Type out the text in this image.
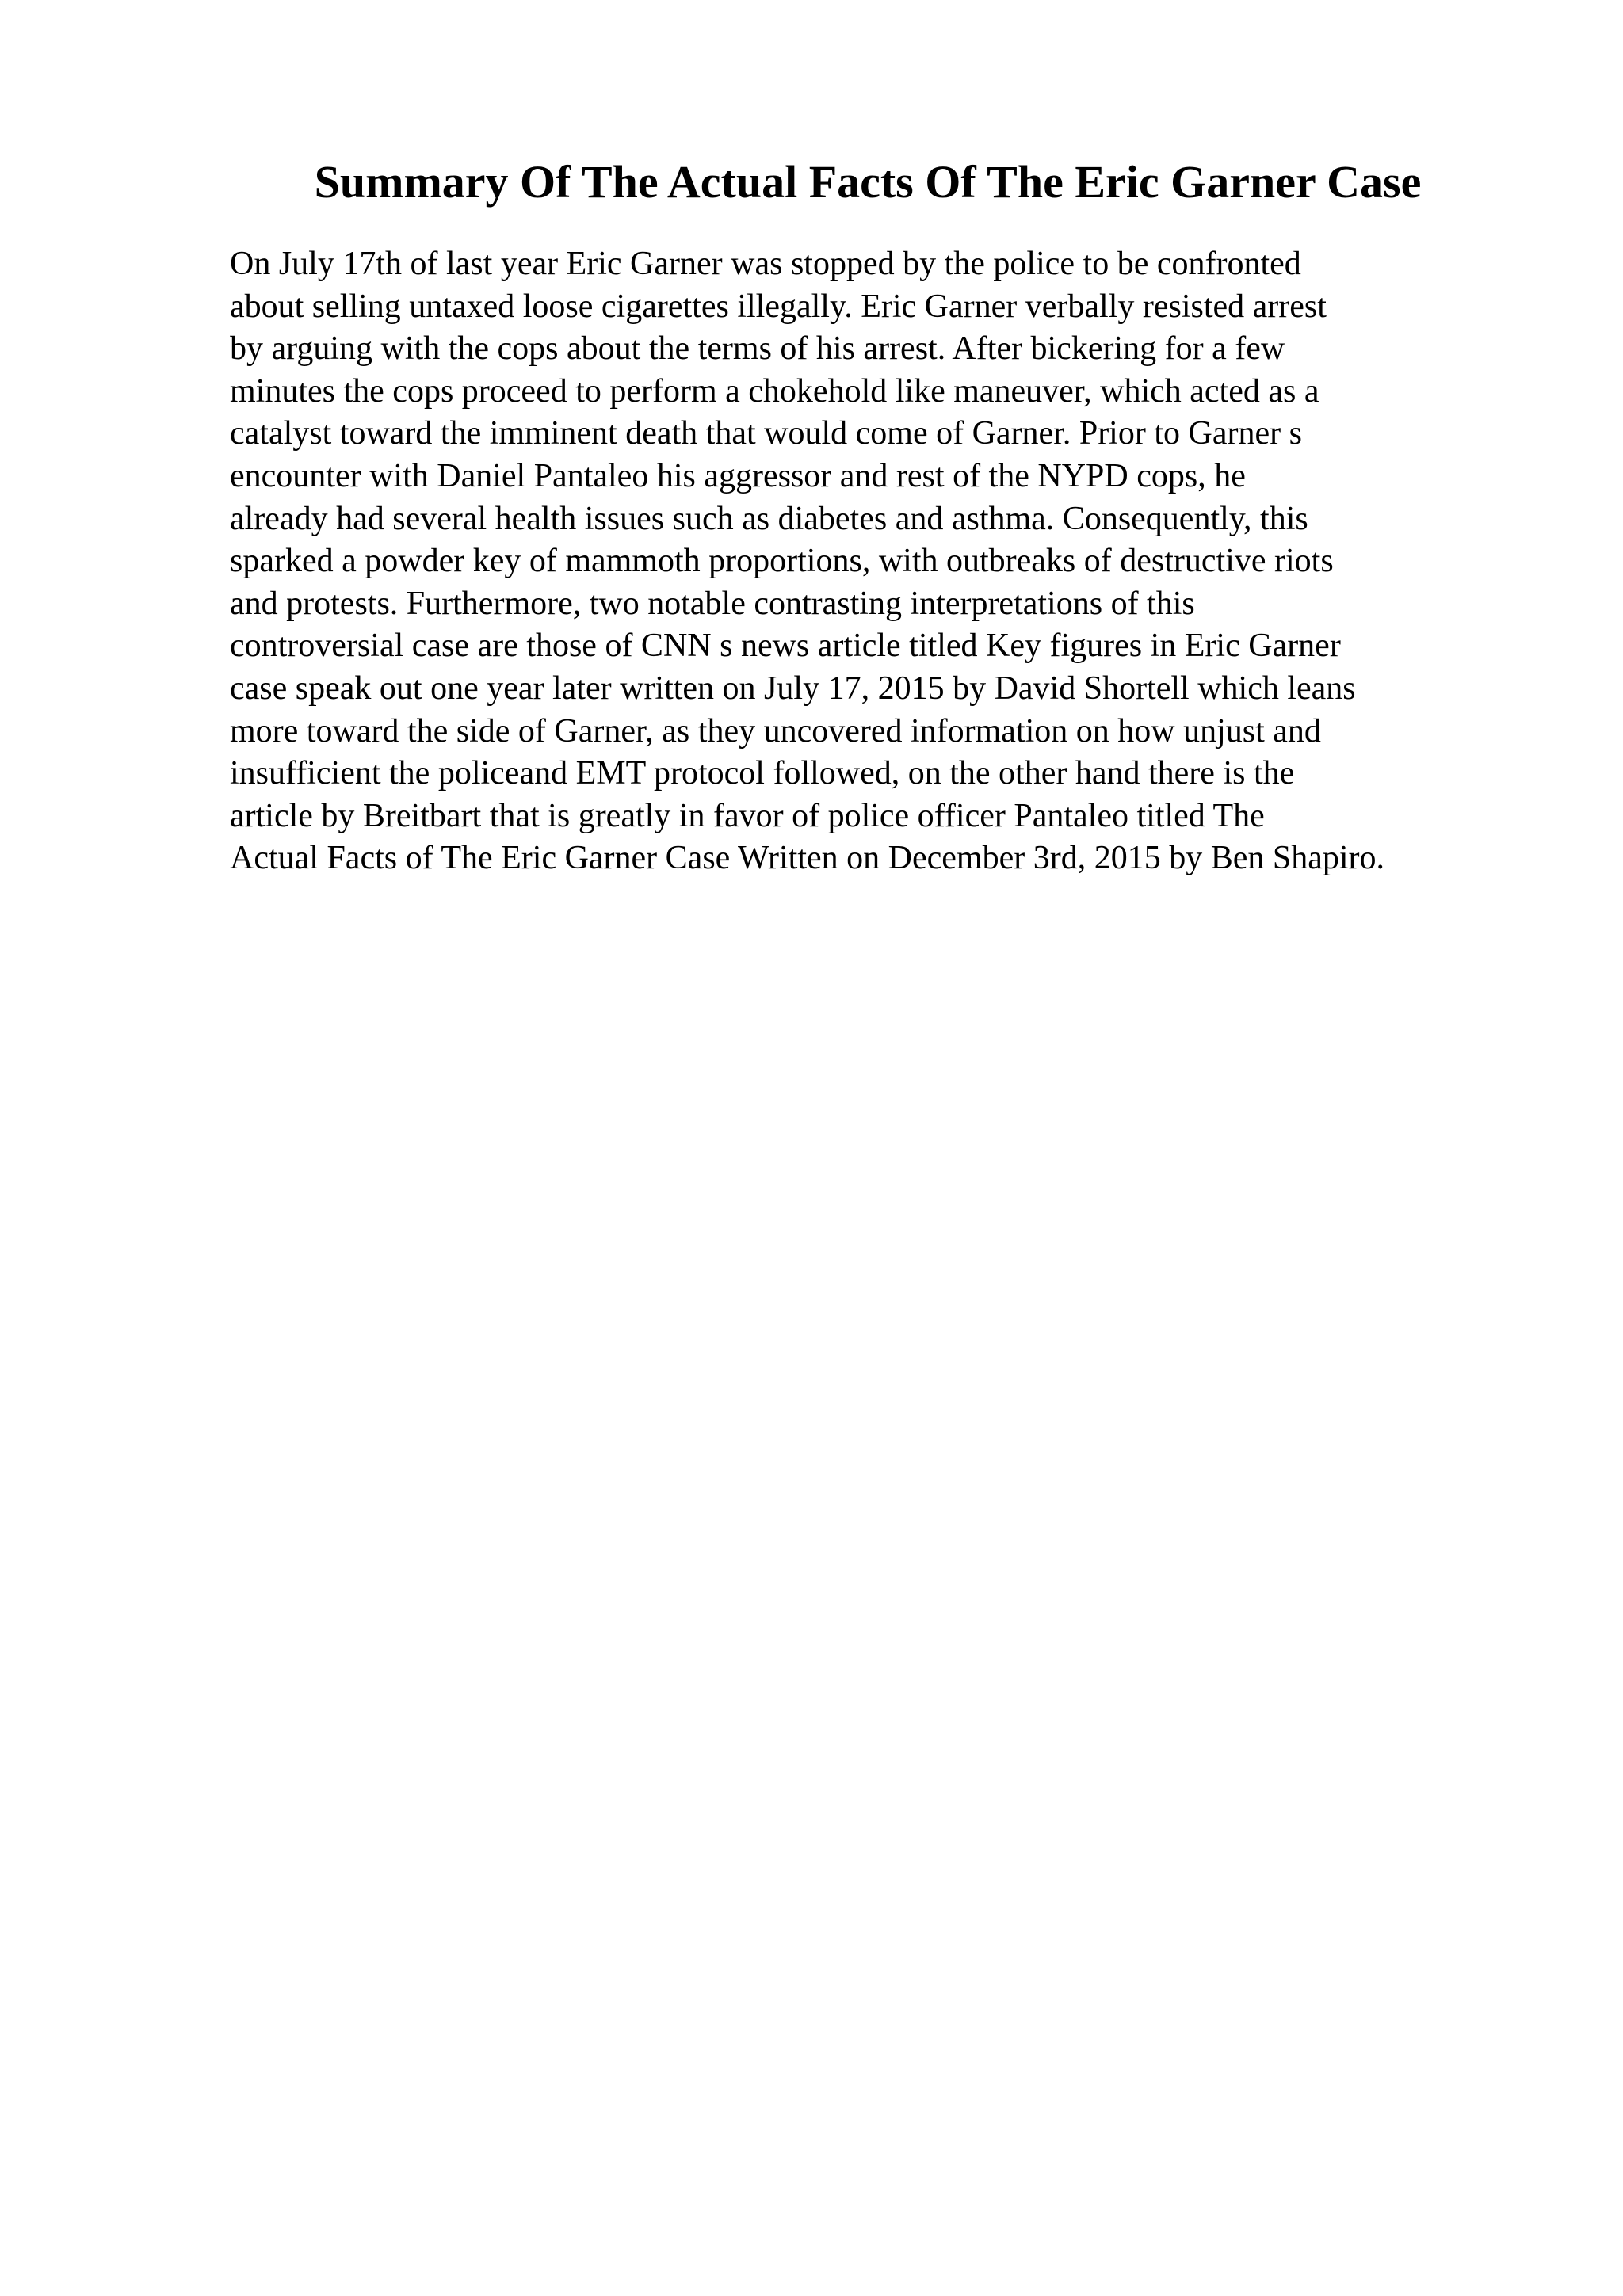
Summary Of The Actual Facts Of The Eric Garner Case
On July 17th of last year Eric Garner was stopped by the police to be confronted
about selling untaxed loose cigarettes illegally. Eric Garner verbally resisted arrest
by arguing with the cops about the terms of his arrest. After bickering for a few
minutes the cops proceed to perform a chokehold like maneuver, which acted as a
catalyst toward the imminent death that would come of Garner. Prior to Garner s
encounter with Daniel Pantaleo his aggressor and rest of the NYPD cops, he
already had several health issues such as diabetes and asthma. Consequently, this
sparked a powder key of mammoth proportions, with outbreaks of destructive riots
and protests. Furthermore, two notable contrasting interpretations of this
controversial case are those of CNN s news article titled Key figures in Eric Garner
case speak out one year later written on July 17, 2015 by David Shortell which leans
more toward the side of Garner, as they uncovered information on how unjust and
insufficient the policeand EMT protocol followed, on the other hand there is the
article by Breitbart that is greatly in favor of police officer Pantaleo titled The
Actual Facts of The Eric Garner Case Written on December 3rd, 2015 by Ben Shapiro.
